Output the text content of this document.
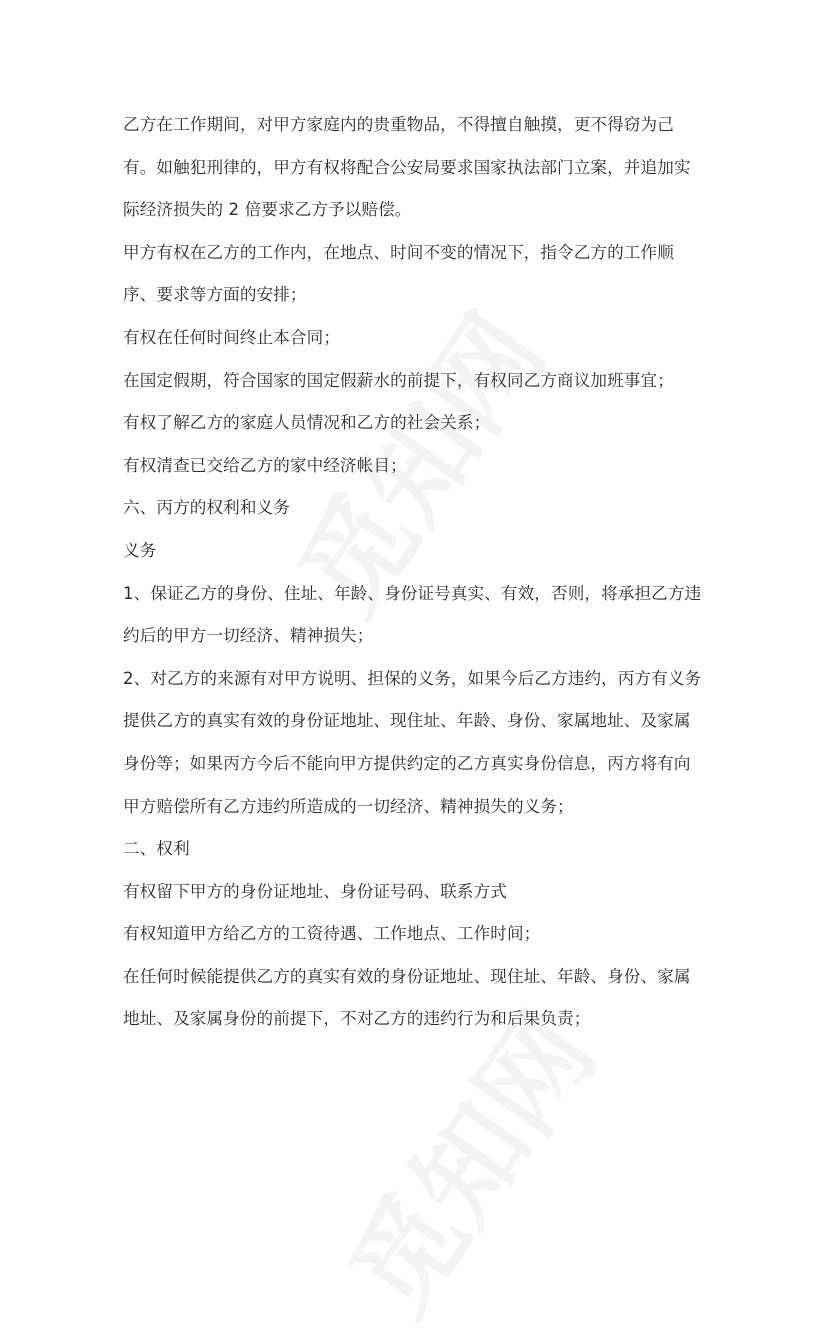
乙方在工作期间，对甲方家庭内的贵重物品，不得擅自触摸，更不得窃为己
有。如触犯刑律的，甲方有权将配合公安局要求国家执法部门立案，并追加实
际经济损失的 2 倍要求乙方予以赔偿。
甲方有权在乙方的工作内，在地点、时间不变的情况下，指令乙方的工作顺
序、要求等方面的安排；
有权在任何时间终止本合同；
在国定假期，符合国家的国定假薪水的前提下，有权同乙方商议加班事宜；
有权了解乙方的家庭人员情况和乙方的社会关系；
有权清查已交给乙方的家中经济帐目；
六、丙方的权利和义务
义务
1、保证乙方的身份、住址、年龄、身份证号真实、有效，否则，将承担乙方违
约后的甲方一切经济、精神损失；
2、对乙方的来源有对甲方说明、担保的义务，如果今后乙方违约，丙方有义务
提供乙方的真实有效的身份证地址、现住址、年龄、身份、家属地址、及家属
身份等；如果丙方今后不能向甲方提供约定的乙方真实身份信息，丙方将有向
甲方赔偿所有乙方违约所造成的一切经济、精神损失的义务；
二、权利
有权留下甲方的身份证地址、身份证号码、联系方式
有权知道甲方给乙方的工资待遇、工作地点、工作时间；
在任何时候能提供乙方的真实有效的身份证地址、现住址、年龄、身份、家属
地址、及家属身份的前提下，不对乙方的违约行为和后果负责；
